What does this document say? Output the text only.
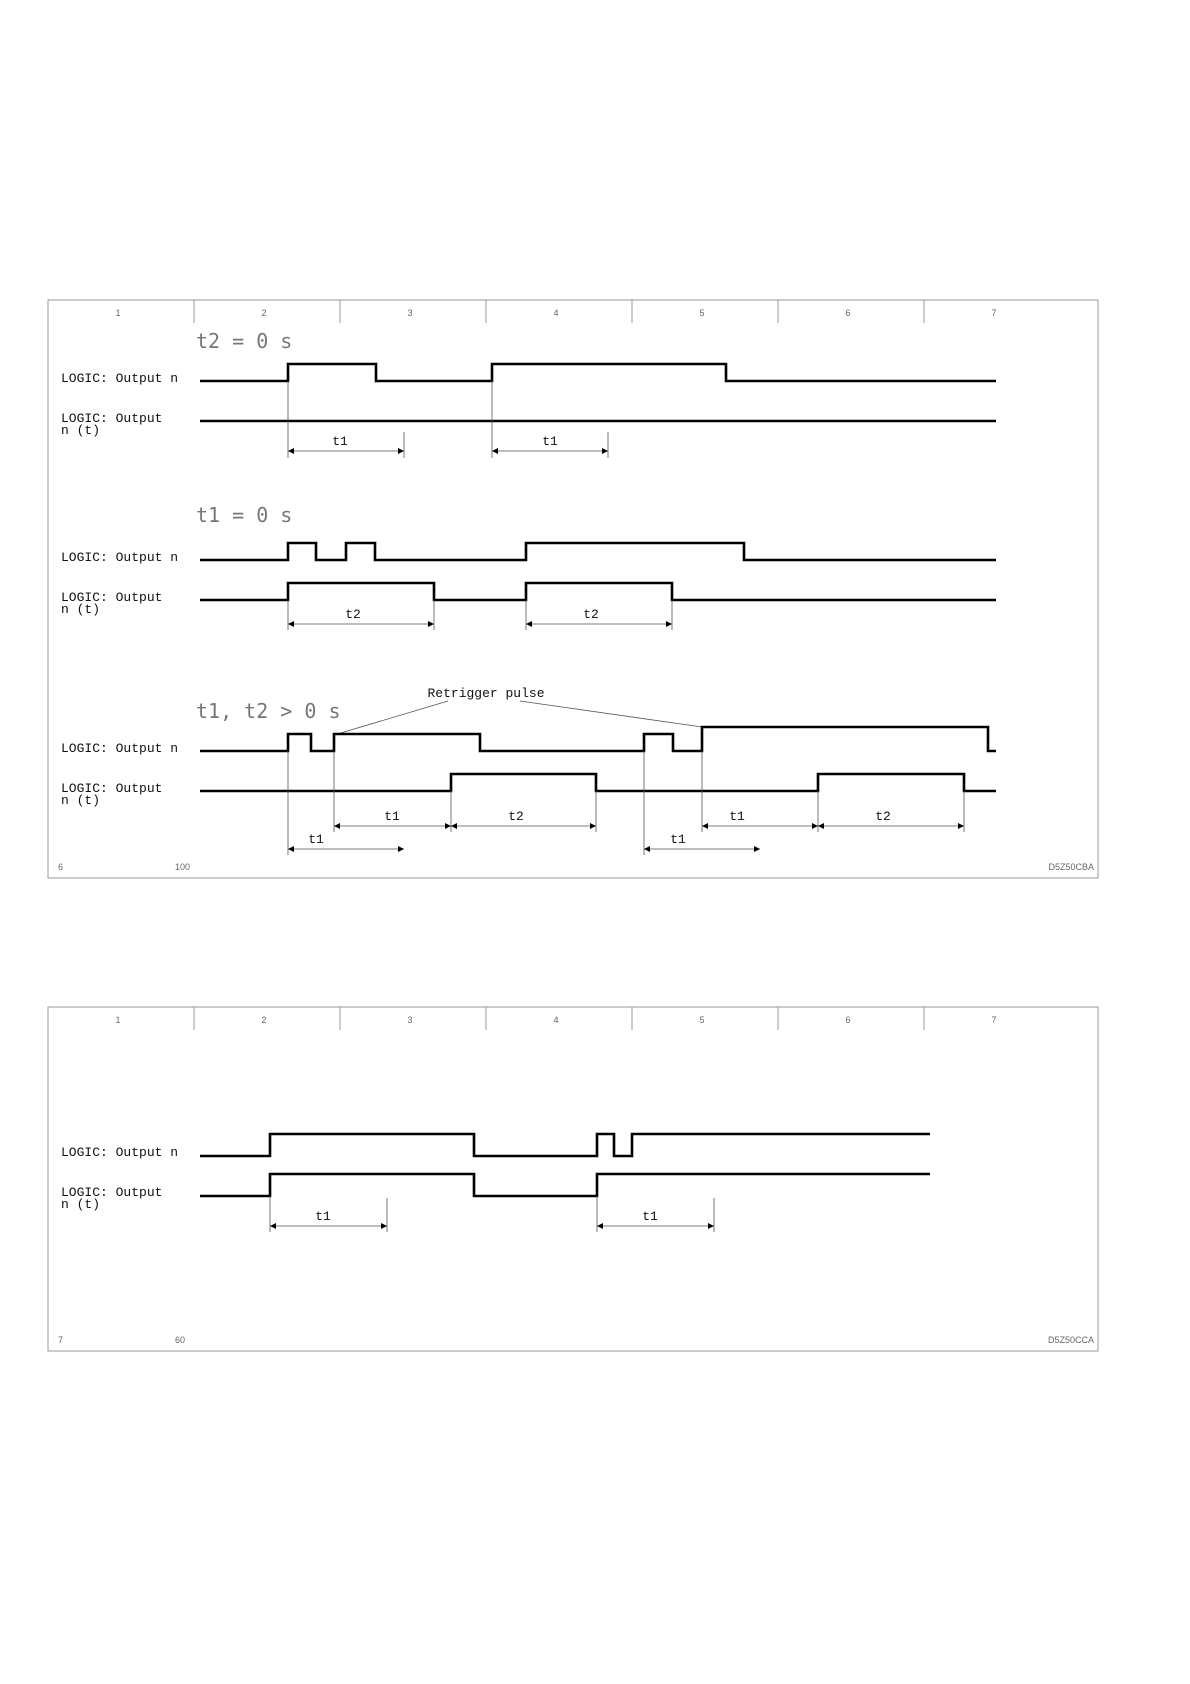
1	2	3	4	5	6	7
t2 = 0 s
LOGIC: Output n
LOGIC: Output
n (t)
t1	t1
t1 = 0 s
LOGIC: Output n
LOGIC: Output
n (t)	t2	t2
t1, t2 > 0 s
LOGIC: Output n
LOGIC: Output
n (t)
Retrigger pulse
t1	t2	t1	t2
t1	t1
6	100	D5Z50CBA
1	2	3	4	5	6	7
LOGIC: Output n
LOGIC: Output
n (t)
t1	t1
7	60	D5Z50CCA
